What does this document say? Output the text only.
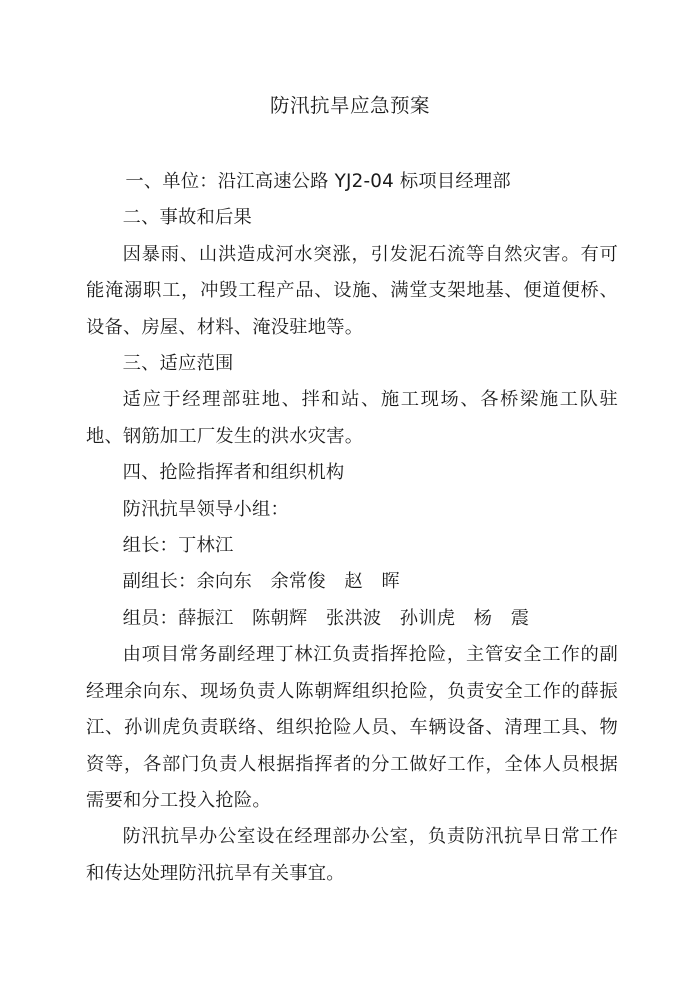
防汛抗旱应急预案

一、单位：沿江高速公路 YJ2-04 标项目经理部

二、事故和后果

因暴雨、山洪造成河水突涨，引发泥石流等自然灾害。有可能淹溺职工，冲毁工程产品、设施、满堂支架地基、便道便桥、设备、房屋、材料、淹没驻地等。

三、适应范围

适应于经理部驻地、拌和站、施工现场、各桥梁施工队驻地、钢筋加工厂发生的洪水灾害。

四、抢险指挥者和组织机构

防汛抗旱领导小组：

组长：丁林江

副组长：余向东　余常俊　赵　晖

组员：薛振江　陈朝辉　张洪波　孙训虎　杨　震

由项目常务副经理丁林江负责指挥抢险，主管安全工作的副经理余向东、现场负责人陈朝辉组织抢险，负责安全工作的薛振江、孙训虎负责联络、组织抢险人员、车辆设备、清理工具、物资等，各部门负责人根据指挥者的分工做好工作，全体人员根据需要和分工投入抢险。

防汛抗旱办公室设在经理部办公室，负责防汛抗旱日常工作和传达处理防汛抗旱有关事宜。
